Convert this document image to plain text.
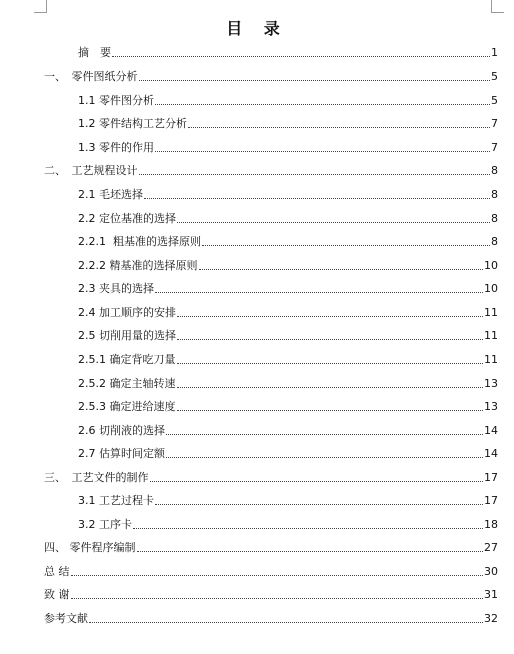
目 录
摘　要	1
一、　 零件图纸分析	5
1.1 零件图分析	5
1.2 零件结构工艺分析	7
1.3 零件的作用	7
二、　 工艺规程设计	8
2.1 毛坯选择	8
2.2 定位基准的选择	8
2.2.1 粗基准的选择原则	8
2.2.2 精基准的选择原则	10
2.3 夹具的选择	10
2.4 加工顺序的安排	11
2.5 切削用量的选择	11
2.5.1 确定背吃刀量	11
2.5.2 确定主轴转速	13
2.5.3 确定进给速度	13
2.6 切削液的选择	14
2.7 估算时间定额	14
三、　 工艺文件的制作	17
3.1 工艺过程卡	17
3.2 工序卡	18
四、 零件程序编制	27
总 结	30
致 谢	31
参考文献	32
